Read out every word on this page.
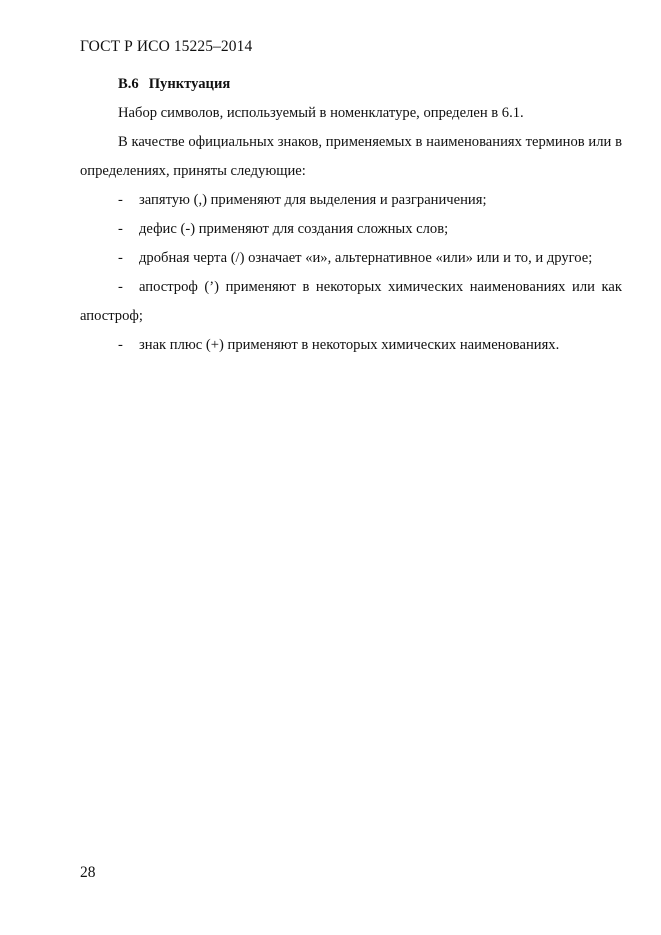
ГОСТ Р ИСО 15225–2014

В.6 Пунктуация

Набор символов, используемый в номенклатуре, определен в 6.1.

В качестве официальных знаков, применяемых в наименованиях терминов или в определениях, приняты следующие:

- запятую (,) применяют для выделения и разграничения;
- дефис (-) применяют для создания сложных слов;
- дробная черта (/) означает «и», альтернативное «или» или и то, и другое;
- апостроф (’) применяют в некоторых химических наименованиях или как апостроф;
- знак плюс (+) применяют в некоторых химических наименованиях.
28
